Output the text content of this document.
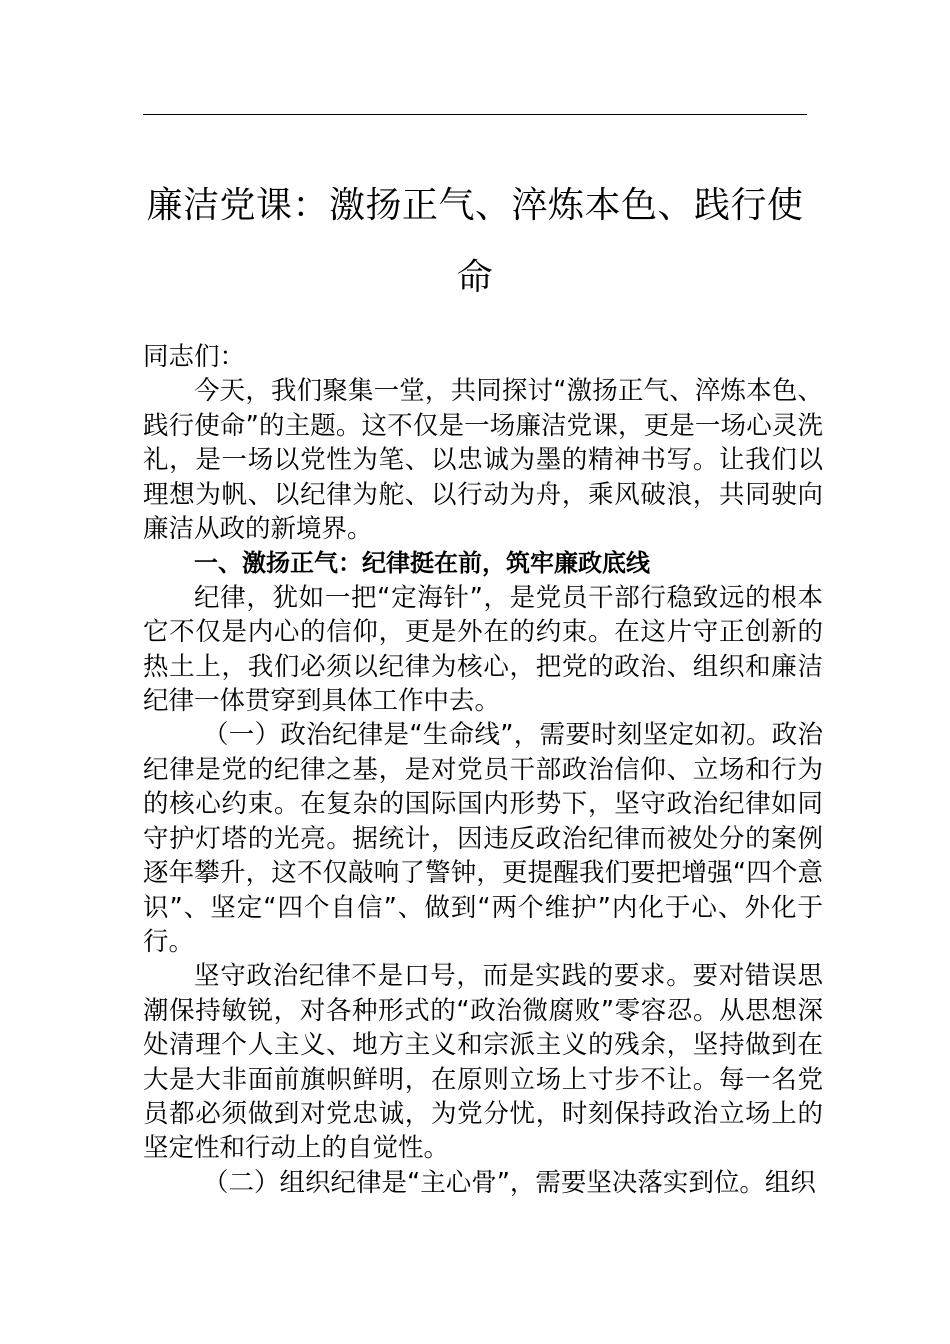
廉洁党课：激扬正气、淬炼本色、践行使
命

同志们：

今天，我们聚集一堂，共同探讨“激扬正气、淬炼本色、践行使命”的主题。这不仅是一场廉洁党课，更是一场心灵洗礼，是一场以党性为笔、以忠诚为墨的精神书写。让我们以理想为帆、以纪律为舵、以行动为舟，乘风破浪，共同驶向廉洁从政的新境界。

一、激扬正气：纪律挺在前，筑牢廉政底线

纪律，犹如一把“定海针”，是党员干部行稳致远的根本它不仅是内心的信仰，更是外在的约束。在这片守正创新的热土上，我们必须以纪律为核心，把党的政治、组织和廉洁纪律一体贯穿到具体工作中去。

（一）政治纪律是“生命线”，需要时刻坚定如初。政治纪律是党的纪律之基，是对党员干部政治信仰、立场和行为的核心约束。在复杂的国际国内形势下，坚守政治纪律如同守护灯塔的光亮。据统计，因违反政治纪律而被处分的案例逐年攀升，这不仅敲响了警钟，更提醒我们要把增强“四个意识”、坚定“四个自信”、做到“两个维护”内化于心、外化于行。

坚守政治纪律不是口号，而是实践的要求。要对错误思潮保持敏锐，对各种形式的“政治微腐败”零容忍。从思想深处清理个人主义、地方主义和宗派主义的残余，坚持做到在大是大非面前旗帜鲜明，在原则立场上寸步不让。每一名党员都必须做到对党忠诚，为党分忧，时刻保持政治立场上的坚定性和行动上的自觉性。

（二）组织纪律是“主心骨”，需要坚决落实到位。组织
